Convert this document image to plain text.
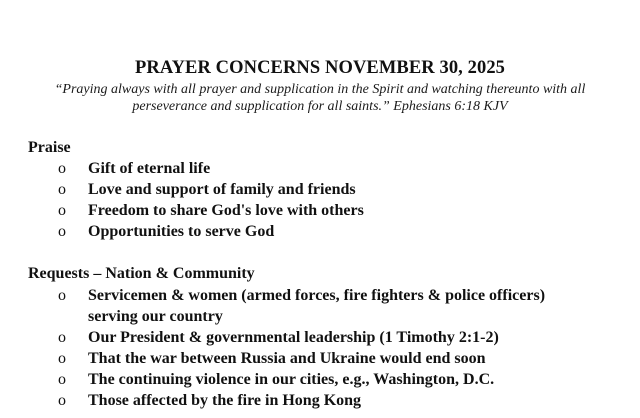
PRAYER CONCERNS NOVEMBER 30, 2025
“Praying always with all prayer and supplication in the Spirit and watching thereunto with all
perseverance and supplication for all saints.” Ephesians 6:18 KJV
Praise
o Gift of eternal life
o Love and support of family and friends
o Freedom to share God's love with others
o Opportunities to serve God
Requests – Nation & Community
o Servicemen & women (armed forces, fire fighters & police officers) serving our country
o Our President & governmental leadership (1 Timothy 2:1-2)
o That the war between Russia and Ukraine would end soon
o The continuing violence in our cities, e.g., Washington, D.C.
o Those affected by the fire in Hong Kong
